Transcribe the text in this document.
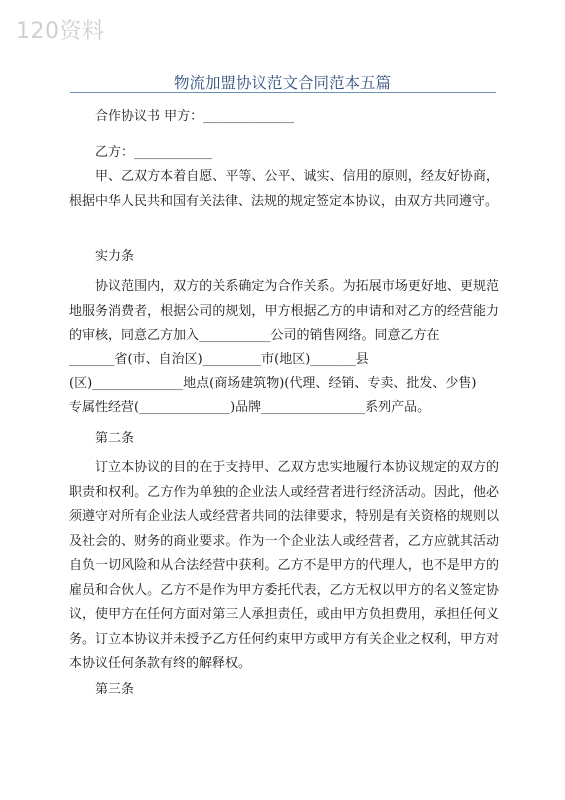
120资料
物流加盟协议范文合同范本五篇
合作协议书 甲方：______________
乙方：____________

甲、乙双方本着自愿、平等、公平、诚实、信用的原则，经友好协商，根据中华人民共和国有关法律、法规的规定签定本协议，由双方共同遵守。

实力条

协议范围内，双方的关系确定为合作关系。为拓展市场更好地、更规范地服务消费者，根据公司的规划，甲方根据乙方的申请和对乙方的经营能力的审核，同意乙方加入___________公司的销售网络。同意乙方在

_______省(市、自治区)_________市(地区)_______县
(区)______________地点(商场建筑物)(代理、经销、专卖、批发、少售)
专属性经营(______________)品牌________________系列产品。
第二条

订立本协议的目的在于支持甲、乙双方忠实地履行本协议规定的双方的职责和权利。乙方作为单独的企业法人或经营者进行经济活动。因此，他必须遵守对所有企业法人或经营者共同的法律要求，特别是有关资格的规则以及社会的、财务的商业要求。作为一个企业法人或经营者，乙方应就其活动自负一切风险和从合法经营中获利。乙方不是甲方的代理人，也不是甲方的雇员和合伙人。乙方不是作为甲方委托代表，乙方无权以甲方的名义签定协议，使甲方在任何方面对第三人承担责任，或由甲方负担费用，承担任何义务。订立本协议并未授予乙方任何约束甲方或甲方有关企业之权利，甲方对本协议任何条款有终的解释权。

第三条
